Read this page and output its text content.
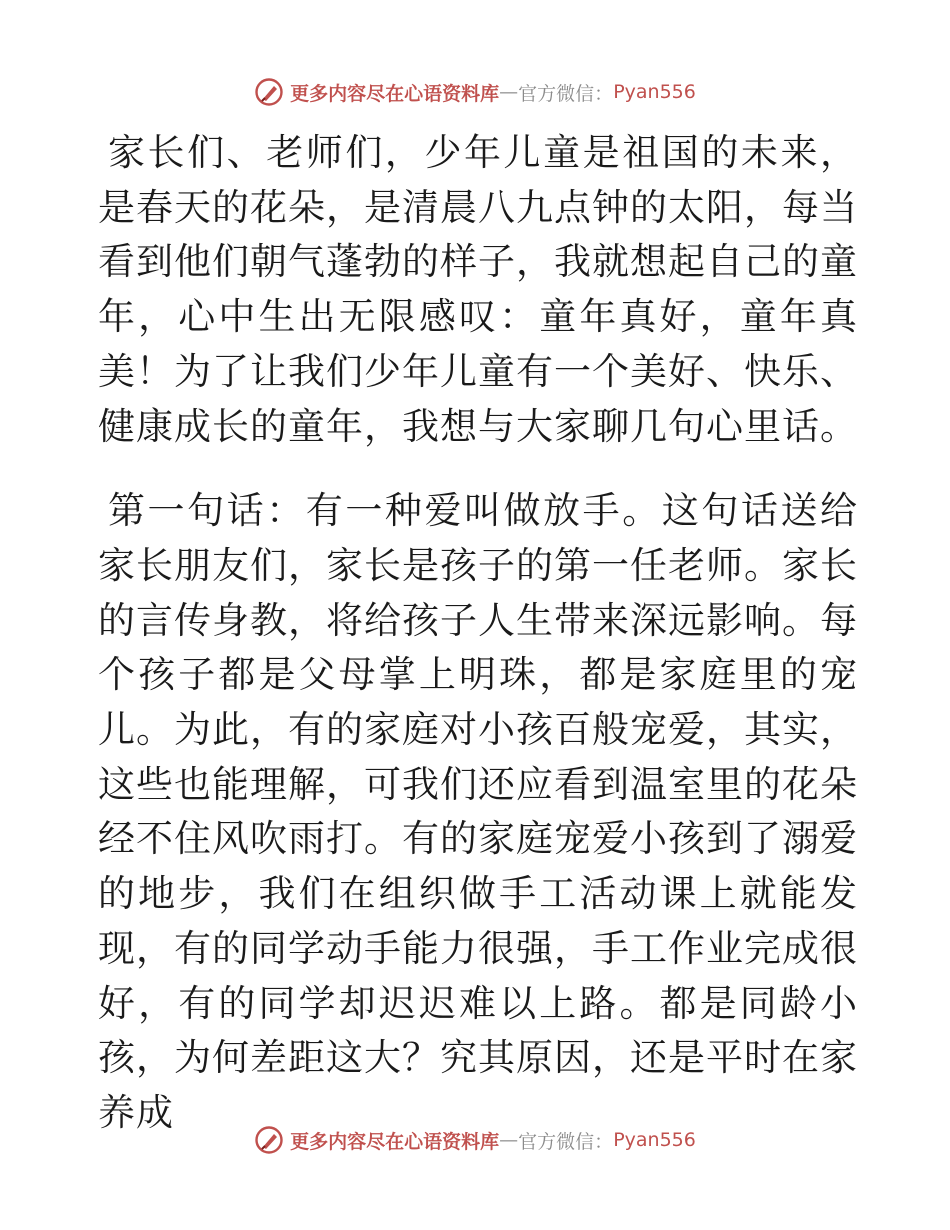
更多内容尽在心语资料库 — 官方微信： Pyan556

家长们、老师们，少年儿童是祖国的未来，是春天的花朵，是清晨八九点钟的太阳，每当看到他们朝气蓬勃的样子，我就想起自己的童年，心中生出无限感叹：童年真好，童年真美！为了让我们少年儿童有一个美好、快乐、健康成长的童年，我想与大家聊几句心里话。

第一句话：有一种爱叫做放手。这句话送给家长朋友们，家长是孩子的第一任老师。家长的言传身教，将给孩子人生带来深远影响。每个孩子都是父母掌上明珠，都是家庭里的宠儿。为此，有的家庭对小孩百般宠爱，其实，这些也能理解，可我们还应看到温室里的花朵经不住风吹雨打。有的家庭宠爱小孩到了溺爱的地步，我们在组织做手工活动课上就能发现，有的同学动手能力很强，手工作业完成很好，有的同学却迟迟难以上路。都是同龄小孩，为何差距这大？究其原因，还是平时在家养成

更多内容尽在心语资料库 — 官方微信： Pyan556
